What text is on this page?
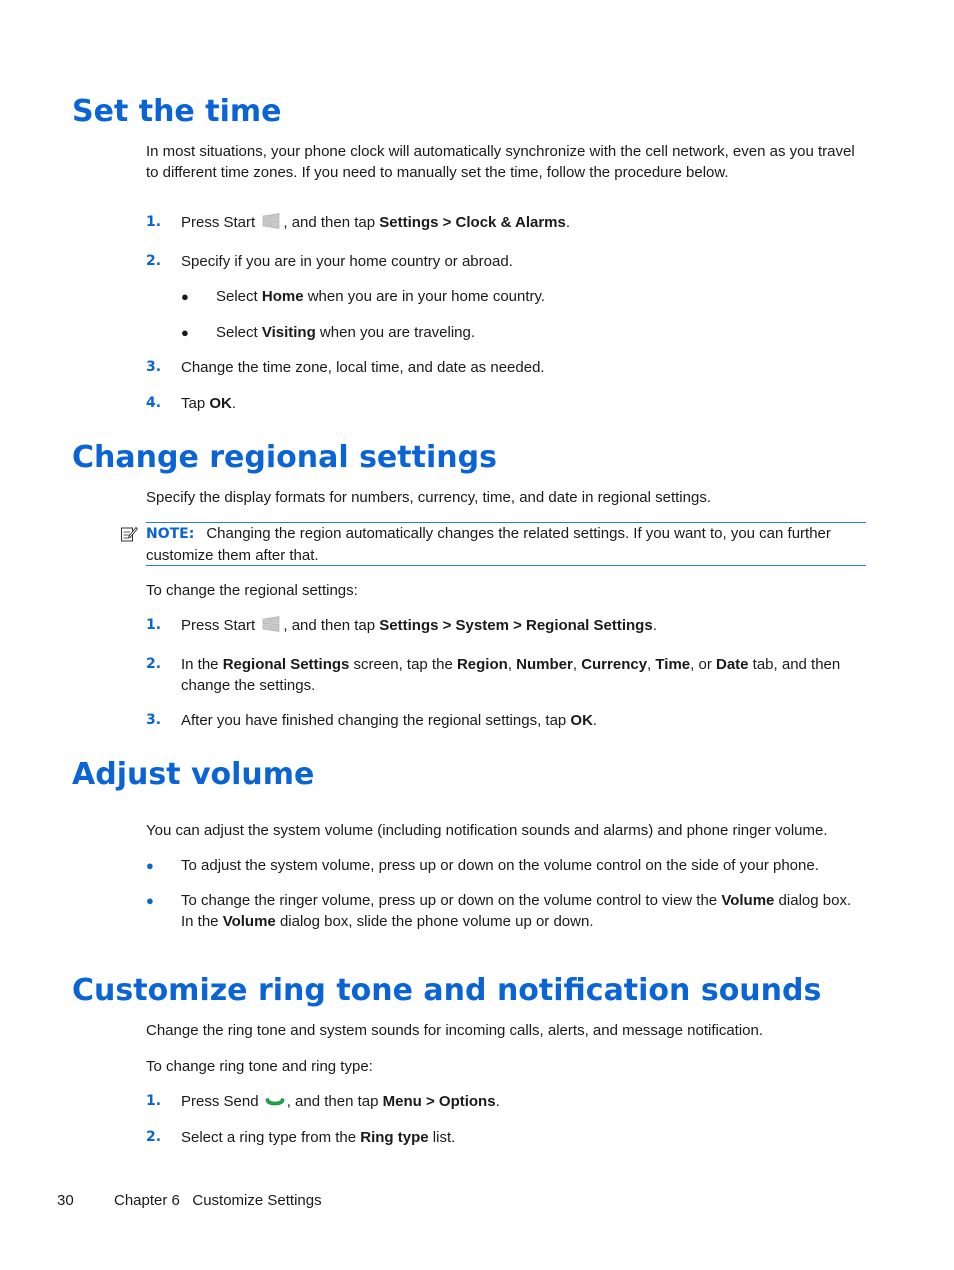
Set the time

In most situations, your phone clock will automatically synchronize with the cell network, even as you travel to different time zones. If you need to manually set the time, follow the procedure below.

1. Press Start , and then tap Settings > Clock & Alarms.
2. Specify if you are in your home country or abroad.
● Select Home when you are in your home country.
● Select Visiting when you are traveling.
3. Change the time zone, local time, and date as needed.
4. Tap OK.
Change regional settings

Specify the display formats for numbers, currency, time, and date in regional settings.

NOTE: Changing the region automatically changes the related settings. If you want to, you can further customize them after that.

To change the regional settings:

1. Press Start , and then tap Settings > System > Regional Settings.
2. In the Regional Settings screen, tap the Region, Number, Currency, Time, or Date tab, and then change the settings.
3. After you have finished changing the regional settings, tap OK.
Adjust volume

You can adjust the system volume (including notification sounds and alarms) and phone ringer volume.

● To adjust the system volume, press up or down on the volume control on the side of your phone.
● To change the ringer volume, press up or down on the volume control to view the Volume dialog box. In the Volume dialog box, slide the phone volume up or down.
Customize ring tone and notification sounds

Change the ring tone and system sounds for incoming calls, alerts, and message notification.

To change ring tone and ring type:

1. Press Send , and then tap Menu > Options.
2. Select a ring type from the Ring type list.
30	Chapter 6   Customize Settings
